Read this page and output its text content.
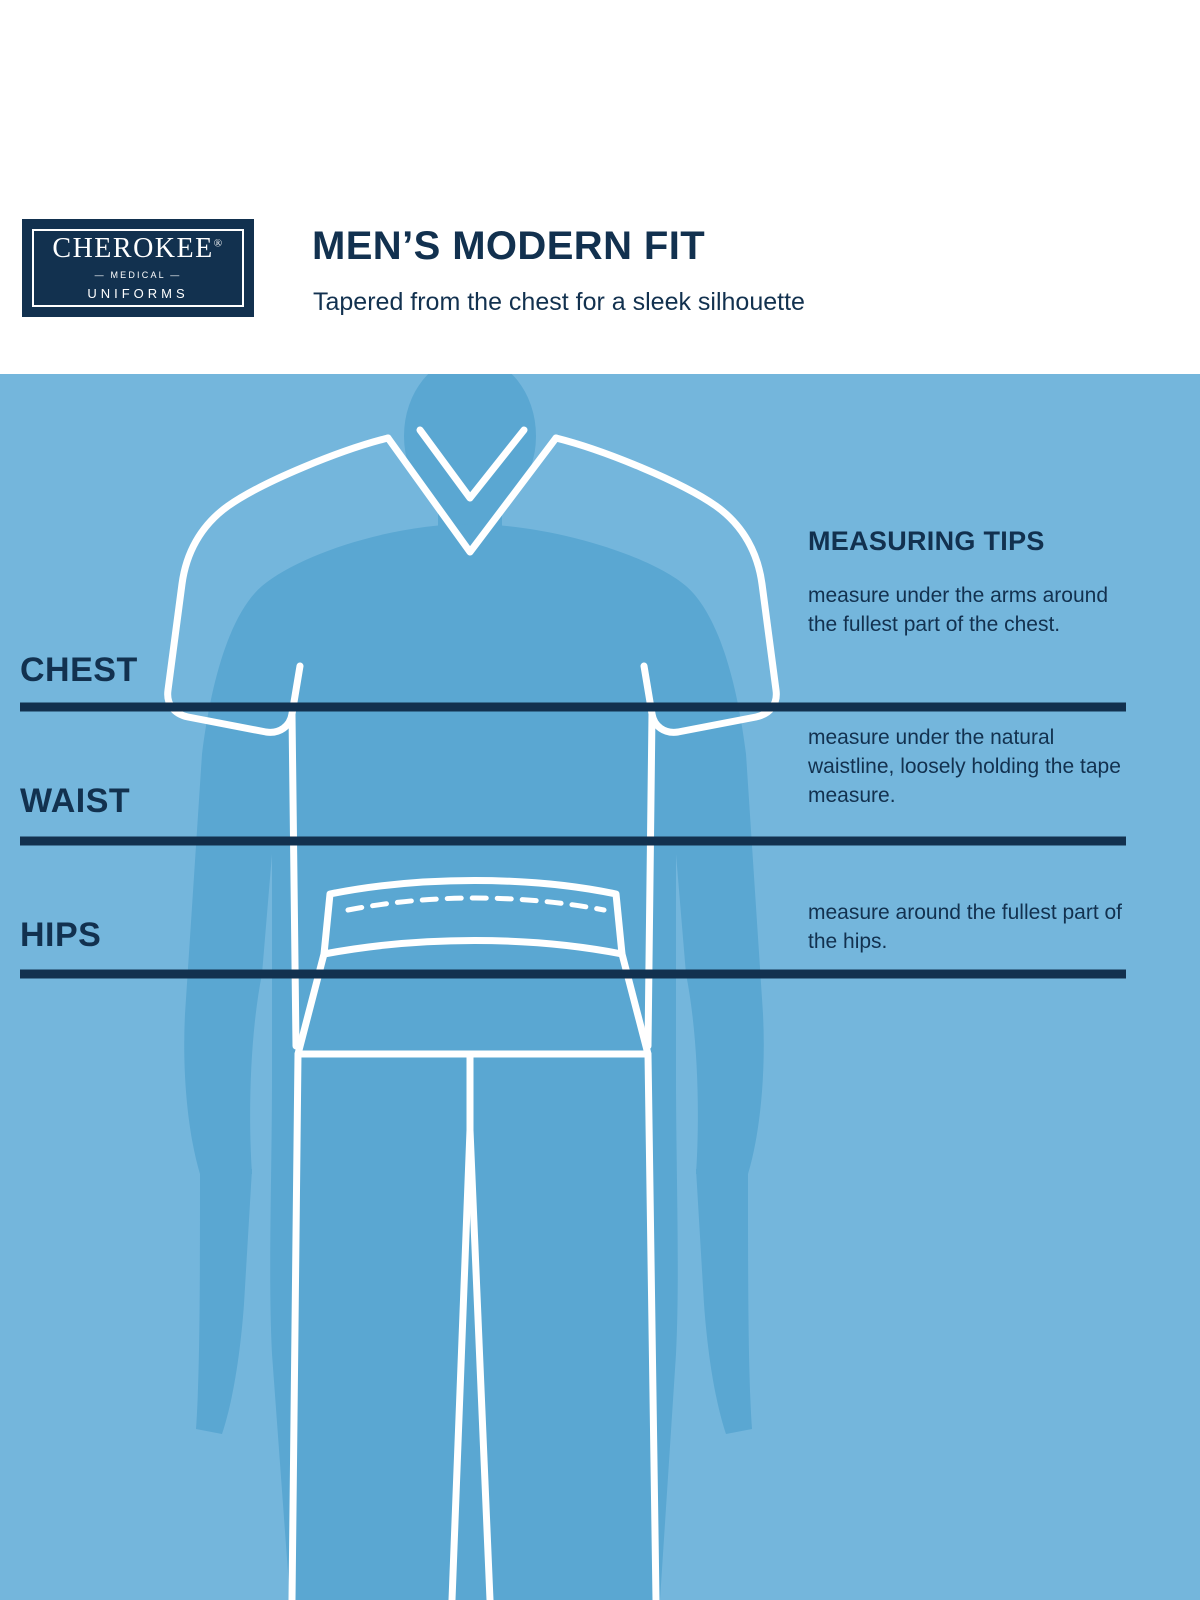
CHEROKEE®
— MEDICAL —
UNIFORMS
MEN’S MODERN FIT
Tapered from the chest for a sleek silhouette
CHEST
WAIST
HIPS
MEASURING TIPS
measure under the arms around the fullest part of the chest.
measure under the natural waistline, loosely holding the tape measure.
measure around the fullest part of the hips.
